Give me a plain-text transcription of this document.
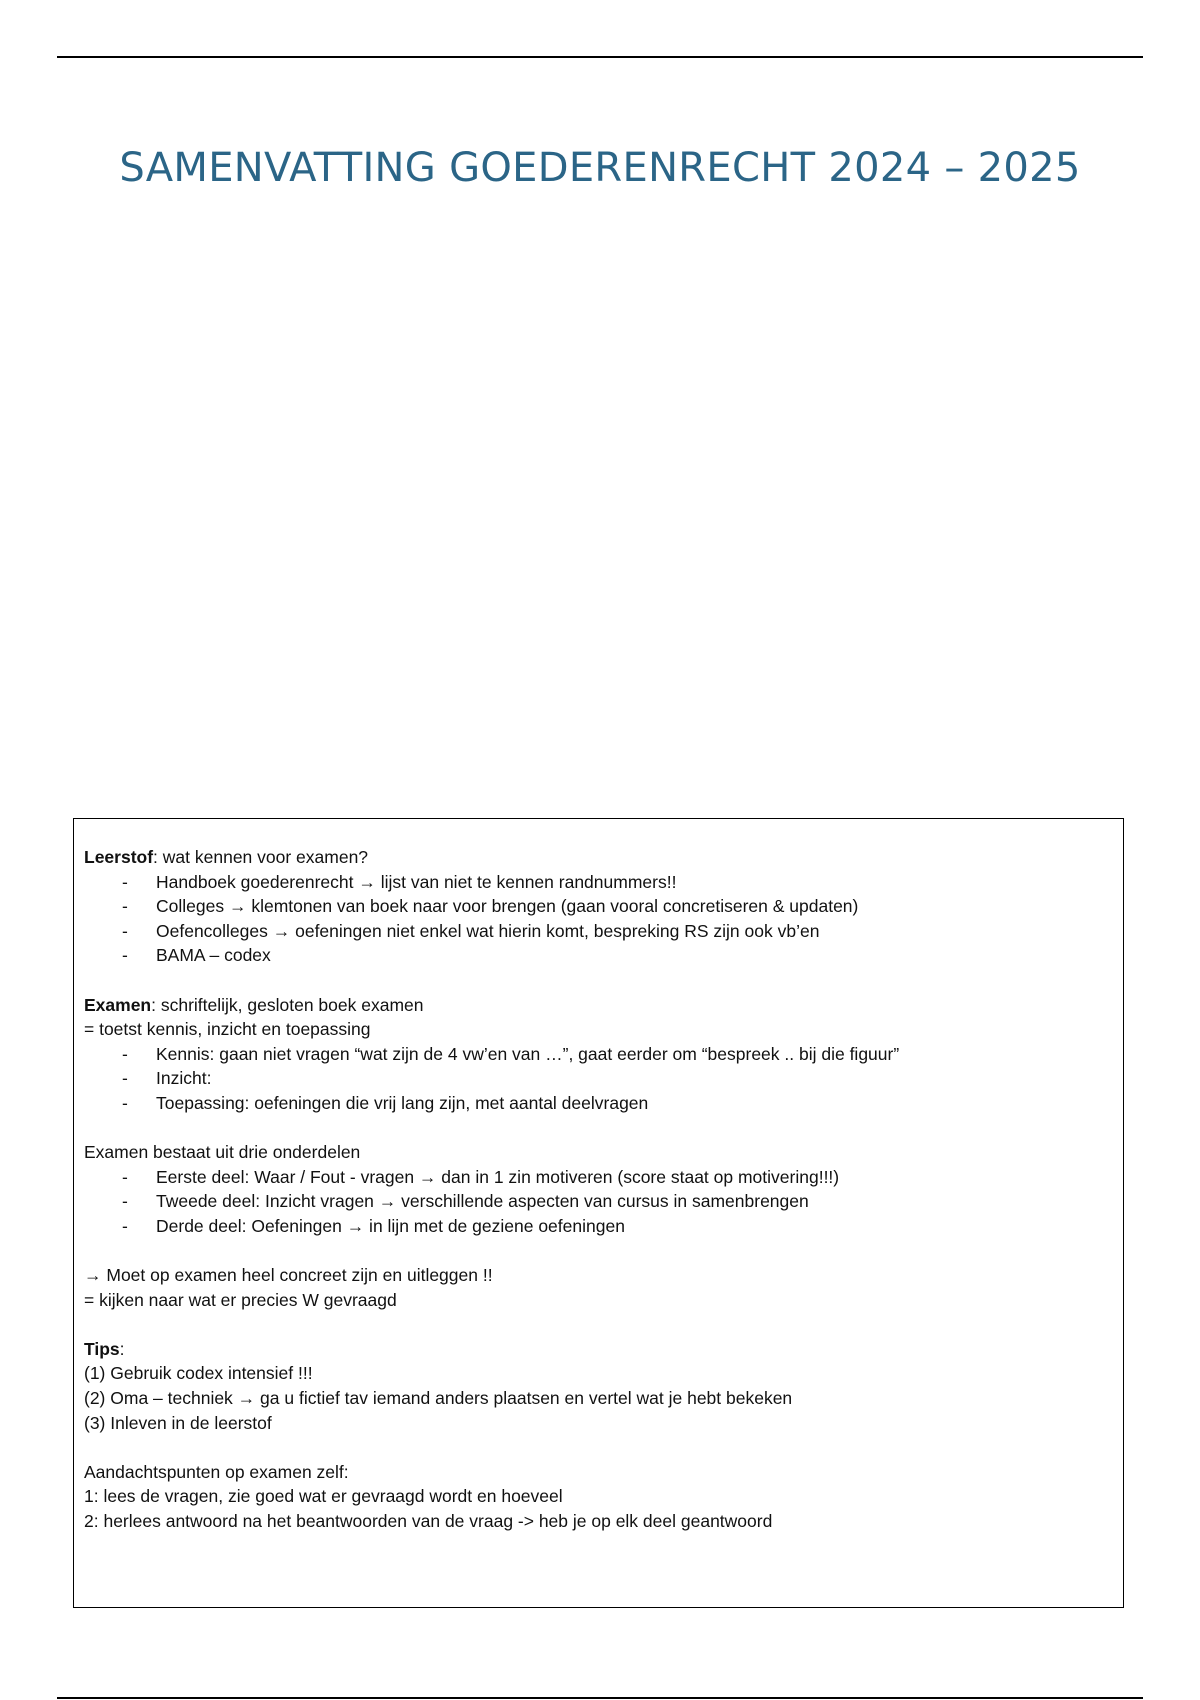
SAMENVATTING GOEDERENRECHT 2024 – 2025

Leerstof: wat kennen voor examen?

- Handboek goederenrecht → lijst van niet te kennen randnummers!!
- Colleges → klemtonen van boek naar voor brengen (gaan vooral concretiseren & updaten)
- Oefencolleges → oefeningen niet enkel wat hierin komt, bespreking RS zijn ook vb’en
- BAMA – codex

Examen: schriftelijk, gesloten boek examen

= toetst kennis, inzicht en toepassing

- Kennis: gaan niet vragen “wat zijn de 4 vw’en van …”, gaat eerder om “bespreek .. bij die figuur”
- Inzicht:
- Toepassing: oefeningen die vrij lang zijn, met aantal deelvragen

Examen bestaat uit drie onderdelen

- Eerste deel: Waar / Fout - vragen → dan in 1 zin motiveren (score staat op motivering!!!)
- Tweede deel: Inzicht vragen → verschillende aspecten van cursus in samenbrengen
- Derde deel: Oefeningen → in lijn met de geziene oefeningen

→ Moet op examen heel concreet zijn en uitleggen !!

= kijken naar wat er precies W gevraagd

Tips:

(1) Gebruik codex intensief !!!

(2) Oma – techniek → ga u fictief tav iemand anders plaatsen en vertel wat je hebt bekeken

(3) Inleven in de leerstof

Aandachtspunten op examen zelf:

1: lees de vragen, zie goed wat er gevraagd wordt en hoeveel

2: herlees antwoord na het beantwoorden van de vraag -> heb je op elk deel geantwoord
